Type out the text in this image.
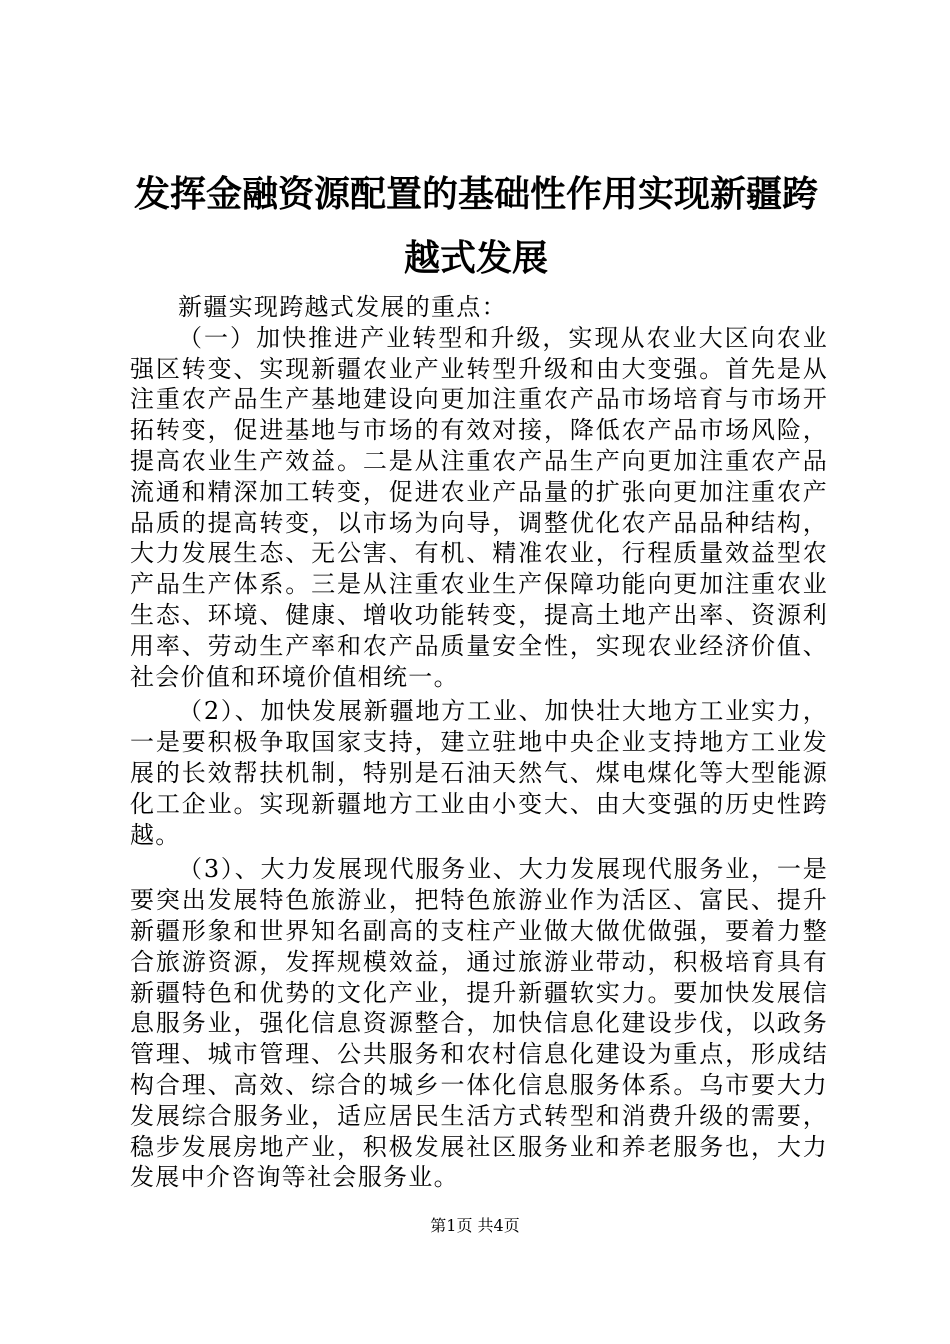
发挥金融资源配置的基础性作用实现新疆跨越式发展

新疆实现跨越式发展的重点：

（一）加快推进产业转型和升级，实现从农业大区向农业强区转变、实现新疆农业产业转型升级和由大变强。首先是从注重农产品生产基地建设向更加注重农产品市场培育与市场开拓转变，促进基地与市场的有效对接，降低农产品市场风险，提高农业生产效益。二是从注重农产品生产向更加注重农产品流通和精深加工转变，促进农业产品量的扩张向更加注重农产品质的提高转变，以市场为向导，调整优化农产品品种结构，大力发展生态、无公害、有机、精准农业，行程质量效益型农产品生产体系。三是从注重农业生产保障功能向更加注重农业生态、环境、健康、增收功能转变，提高土地产出率、资源利用率、劳动生产率和农产品质量安全性，实现农业经济价值、社会价值和环境价值相统一。

（2）、加快发展新疆地方工业、加快壮大地方工业实力，一是要积极争取国家支持，建立驻地中央企业支持地方工业发展的长效帮扶机制，特别是石油天然气、煤电煤化等大型能源化工企业。实现新疆地方工业由小变大、由大变强的历史性跨越。

（3）、大力发展现代服务业、大力发展现代服务业，一是要突出发展特色旅游业，把特色旅游业作为活区、富民、提升新疆形象和世界知名副高的支柱产业做大做优做强，要着力整合旅游资源，发挥规模效益，通过旅游业带动，积极培育具有新疆特色和优势的文化产业，提升新疆软实力。要加快发展信息服务业，强化信息资源整合，加快信息化建设步伐，以政务管理、城市管理、公共服务和农村信息化建设为重点，形成结构合理、高效、综合的城乡一体化信息服务体系。乌市要大力发展综合服务业，适应居民生活方式转型和消费升级的需要，稳步发展房地产业，积极发展社区服务业和养老服务也，大力发展中介咨询等社会服务业。

第1页 共4页
